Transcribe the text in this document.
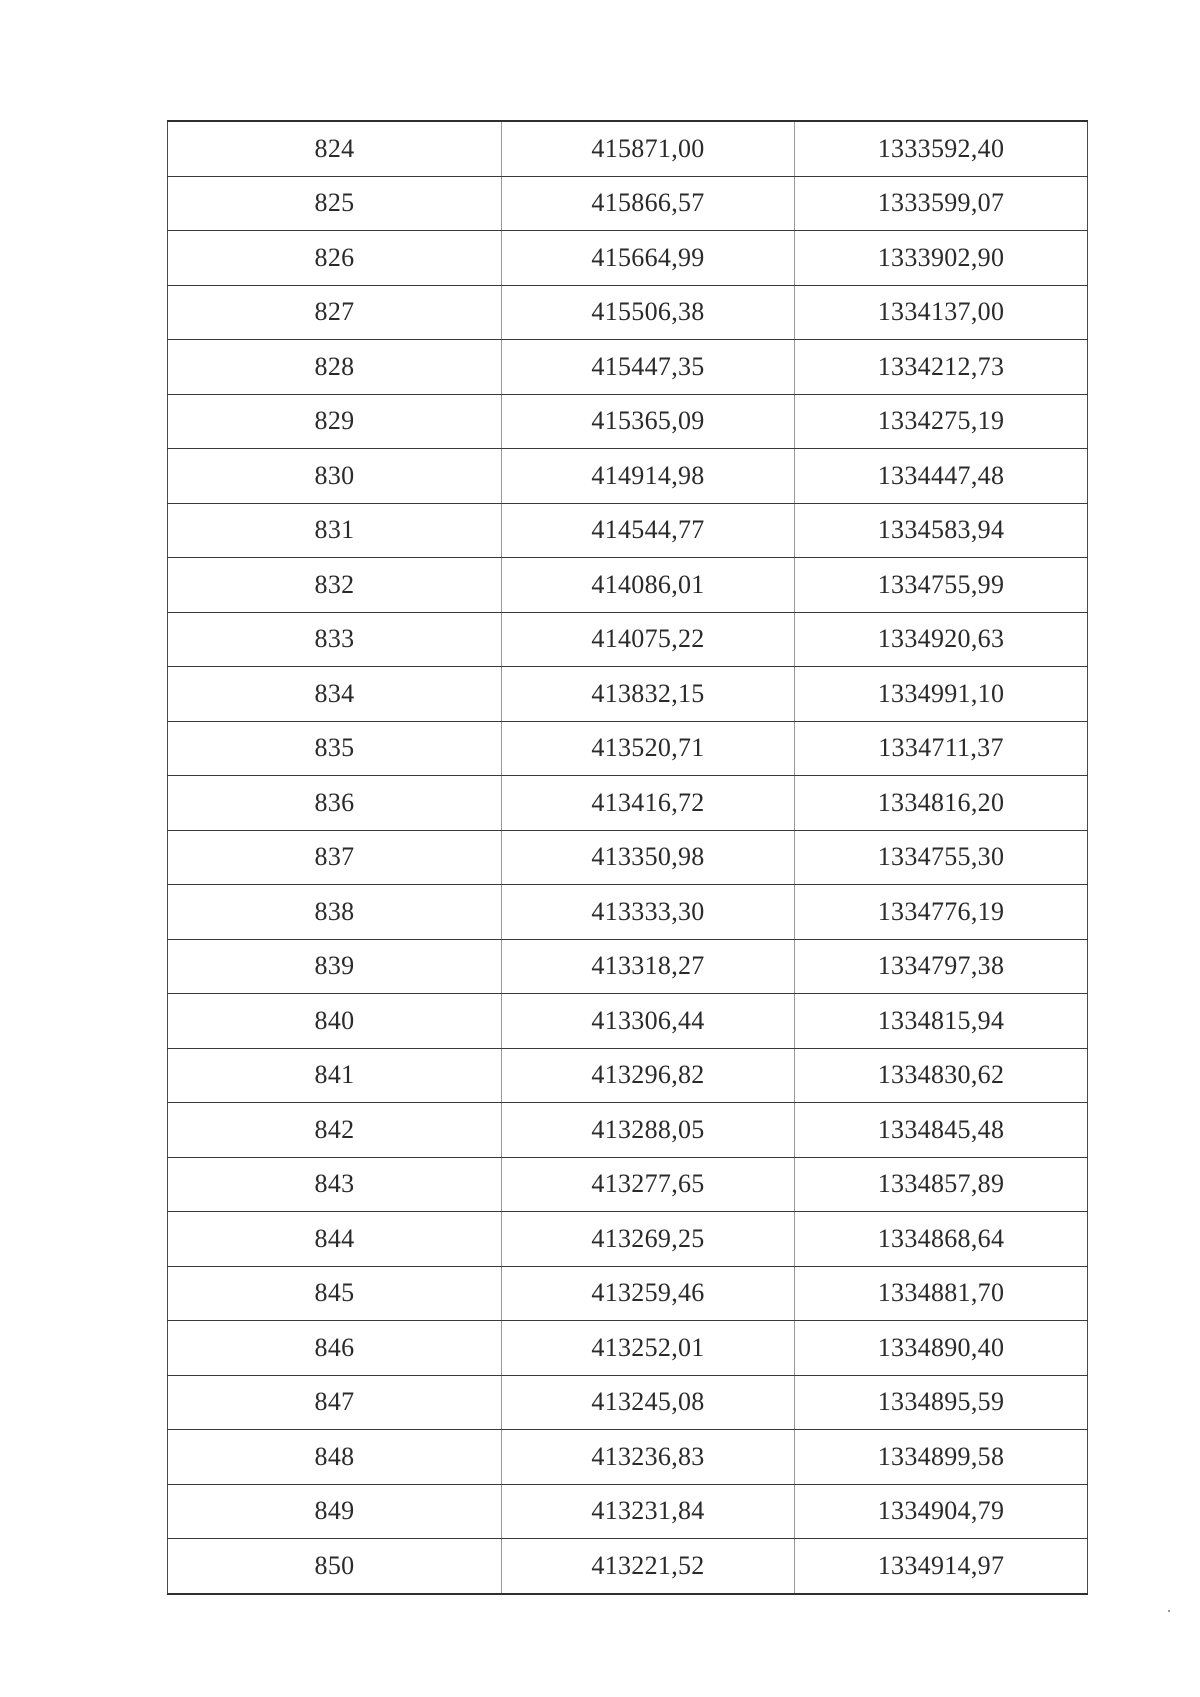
824	415871,00	1333592,40
825	415866,57	1333599,07
826	415664,99	1333902,90
827	415506,38	1334137,00
828	415447,35	1334212,73
829	415365,09	1334275,19
830	414914,98	1334447,48
831	414544,77	1334583,94
832	414086,01	1334755,99
833	414075,22	1334920,63
834	413832,15	1334991,10
835	413520,71	1334711,37
836	413416,72	1334816,20
837	413350,98	1334755,30
838	413333,30	1334776,19
839	413318,27	1334797,38
840	413306,44	1334815,94
841	413296,82	1334830,62
842	413288,05	1334845,48
843	413277,65	1334857,89
844	413269,25	1334868,64
845	413259,46	1334881,70
846	413252,01	1334890,40
847	413245,08	1334895,59
848	413236,83	1334899,58
849	413231,84	1334904,79
850	413221,52	1334914,97
